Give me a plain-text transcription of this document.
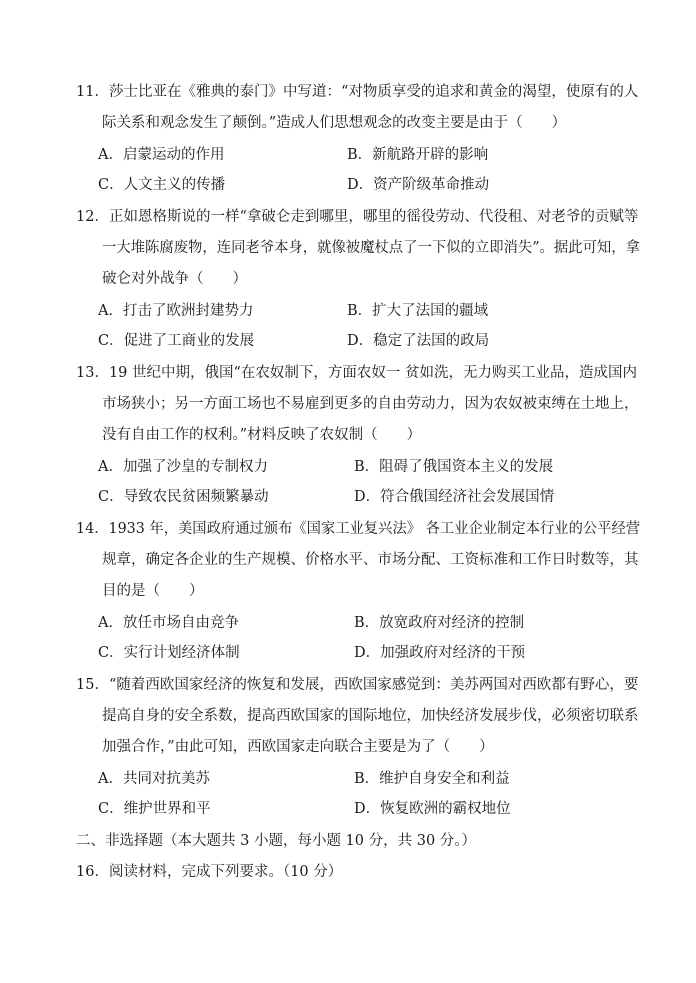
11．莎士比亚在《雅典的泰门》中写道：“对物质享受的追求和黄金的渴望，使原有的人
际关系和观念发生了颠倒。”造成人们思想观念的改变主要是由于（　　）
A．启蒙运动的作用	B．新航路开辟的影响
C．人文主义的传播	D．资产阶级革命推动
12．正如恩格斯说的一样“拿破仑走到哪里，哪里的徭役劳动、代役租、对老爷的贡赋等
一大堆陈腐废物，连同老爷本身，就像被魔杖点了一下似的立即消失”。据此可知，拿
破仑对外战争（　　）
A．打击了欧洲封建势力	B．扩大了法国的疆域
C．促进了工商业的发展	D．稳定了法国的政局
13．19 世纪中期，俄国“在农奴制下，方面农奴一 贫如洗，无力购买工业品，造成国内
市场狭小；另一方面工场也不易雇到更多的自由劳动力，因为农奴被束缚在土地上，
没有自由工作的权利。”材料反映了农奴制（　　）
A．加强了沙皇的专制权力	B．阻碍了俄国资本主义的发展
C．导致农民贫困频繁暴动	D．符合俄国经济社会发展国情
14．1933 年，美国政府通过颁布《国家工业复兴法》 各工业企业制定本行业的公平经营
规章，确定各企业的生产规模、价格水平、市场分配、工资标准和工作日时数等，其
目的是（　　）
A．放任市场自由竞争	B．放宽政府对经济的控制
C．实行计划经济体制	D．加强政府对经济的干预
15．“随着西欧国家经济的恢复和发展，西欧国家感觉到：美苏两国对西欧都有野心，要
提高自身的安全系数，提高西欧国家的国际地位，加快经济发展步伐，必须密切联系
加强合作，”由此可知，西欧国家走向联合主要是为了（　　）
A．共同对抗美苏	B．维护自身安全和利益
C．维护世界和平	D．恢复欧洲的霸权地位
二、非选择题（本大题共 3 小题，每小题 10 分，共 30 分。）
16．阅读材料，完成下列要求。（10 分）
